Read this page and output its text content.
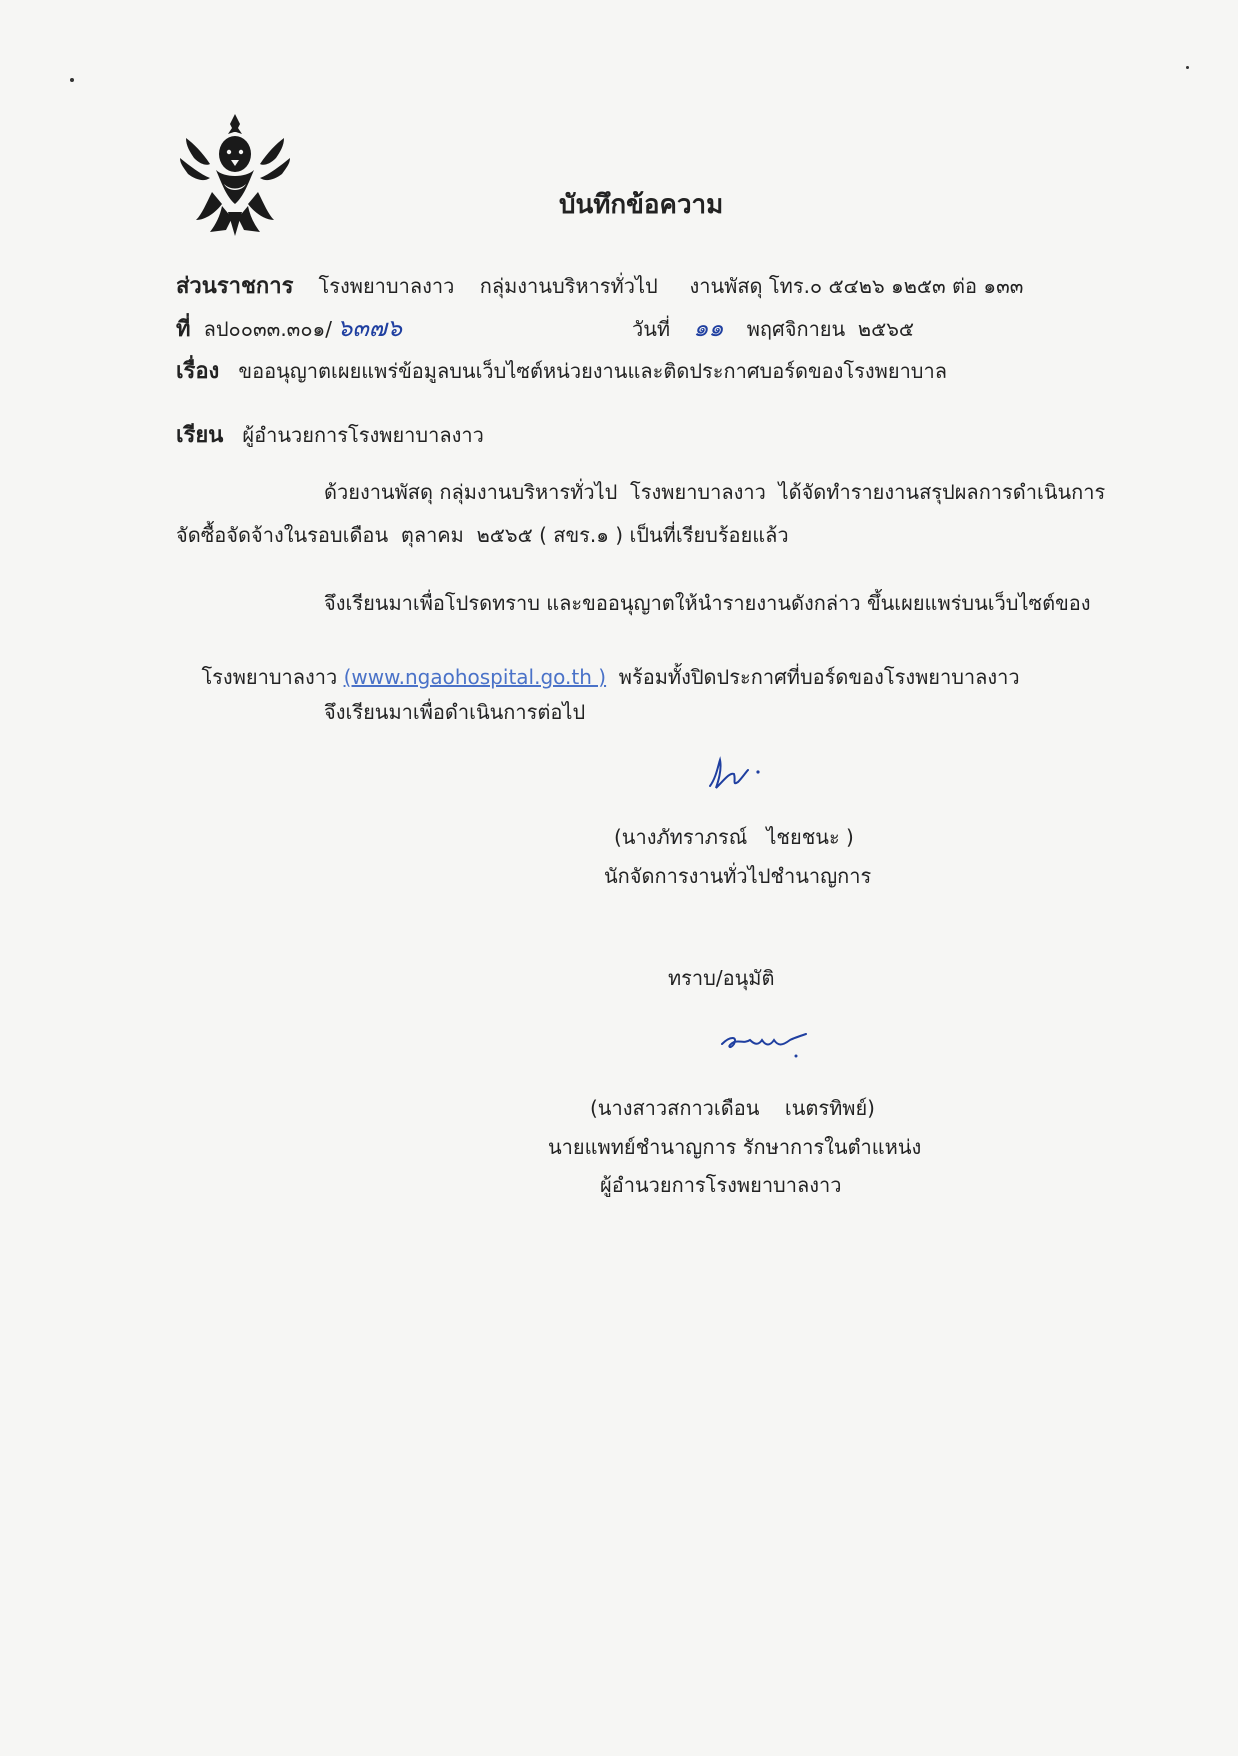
บันทึกข้อความ
ส่วนราชการ โรงพยาบาลงาว    กลุ่มงานบริหารทั่วไป     งานพัสดุ โทร.๐ ๕๔๒๖ ๑๒๕๓ ต่อ ๑๓๓
ที่ ลป๐๐๓๓.๓๐๑/ ๖๓๗๖	วันที่ ๑๑ พฤศจิกายน  ๒๕๖๕
เรื่อง ขออนุญาตเผยแพร่ข้อมูลบนเว็บไซต์หน่วยงานและติดประกาศบอร์ดของโรงพยาบาล
เรียน ผู้อำนวยการโรงพยาบาลงาว
ด้วยงานพัสดุ กลุ่มงานบริหารทั่วไป  โรงพยาบาลงาว  ได้จัดทำรายงานสรุปผลการดำเนินการ
จัดซื้อจัดจ้างในรอบเดือน  ตุลาคม  ๒๕๖๕ ( สขร.๑ ) เป็นที่เรียบร้อยแล้ว
จึงเรียนมาเพื่อโปรดทราบ และขออนุญาตให้นำรายงานดังกล่าว ขึ้นเผยแพร่บนเว็บไซต์ของ

โรงพยาบาลงาว (www.ngaohospital.go.th )  พร้อมทั้งปิดประกาศที่บอร์ดของโรงพยาบาลงาว

จึงเรียนมาเพื่อดำเนินการต่อไป
(นางภัทราภรณ์   ไชยชนะ )
นักจัดการงานทั่วไปชำนาญการ
ทราบ/อนุมัติ
(นางสาวสกาวเดือน    เนตรทิพย์)
นายแพทย์ชำนาญการ รักษาการในตำแหน่ง
ผู้อำนวยการโรงพยาบาลงาว
